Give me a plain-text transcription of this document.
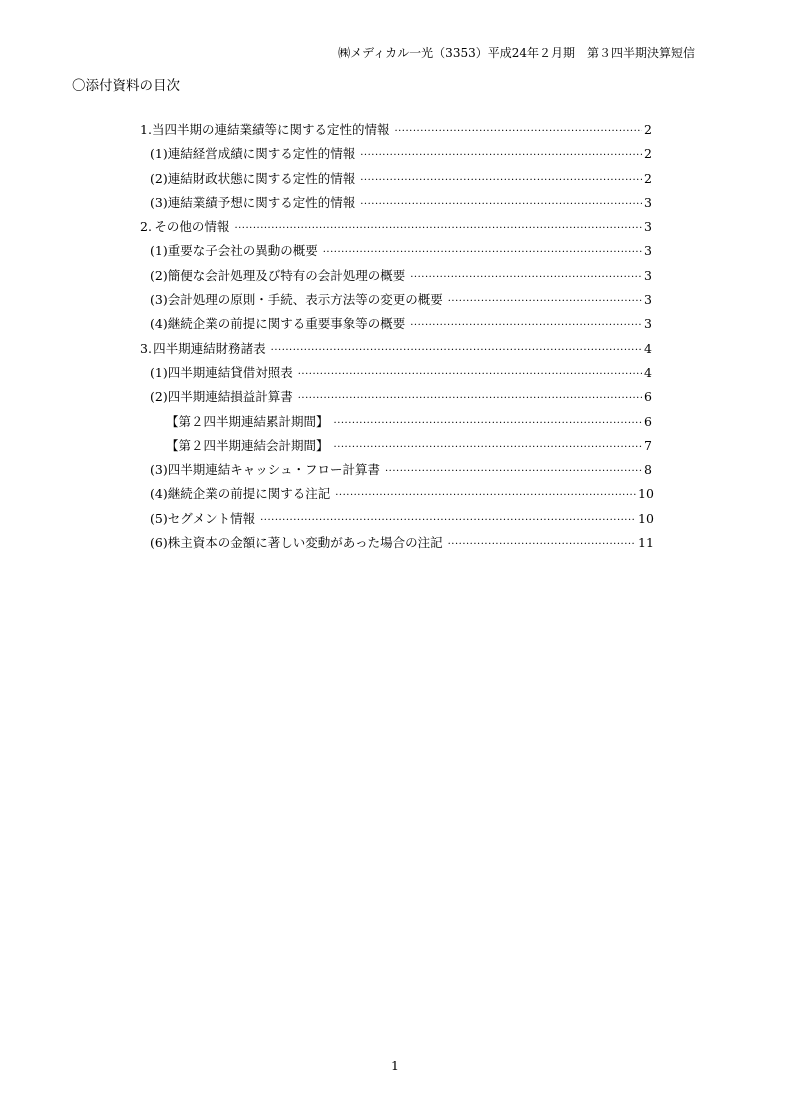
㈱メディカル一光（3353）平成24年２月期　第３四半期決算短信
〇添付資料の目次
1. 当四半期の連結業績等に関する定性的情報 ·····	2
(1) 連結経営成績に関する定性的情報 ·····	2
(2) 連結財政状態に関する定性的情報 ·····	2
(3) 連結業績予想に関する定性的情報 ·····	3
2. その他の情報 ·····	3
(1) 重要な子会社の異動の概要 ·····	3
(2) 簡便な会計処理及び特有の会計処理の概要 ·····	3
(3) 会計処理の原則・手続、表示方法等の変更の概要 ·····	3
(4) 継続企業の前提に関する重要事象等の概要 ·····	3
3. 四半期連結財務諸表 ·····	4
(1) 四半期連結貸借対照表 ·····	4
(2) 四半期連結損益計算書 ·····	6
【第２四半期連結累計期間】 ·····	6
【第２四半期連結会計期間】 ·····	7
(3) 四半期連結キャッシュ・フロー計算書 ·····	8
(4) 継続企業の前提に関する注記 ·····	10
(5) セグメント情報 ·····	10
(6) 株主資本の金額に著しい変動があった場合の注記 ·····	11
1
